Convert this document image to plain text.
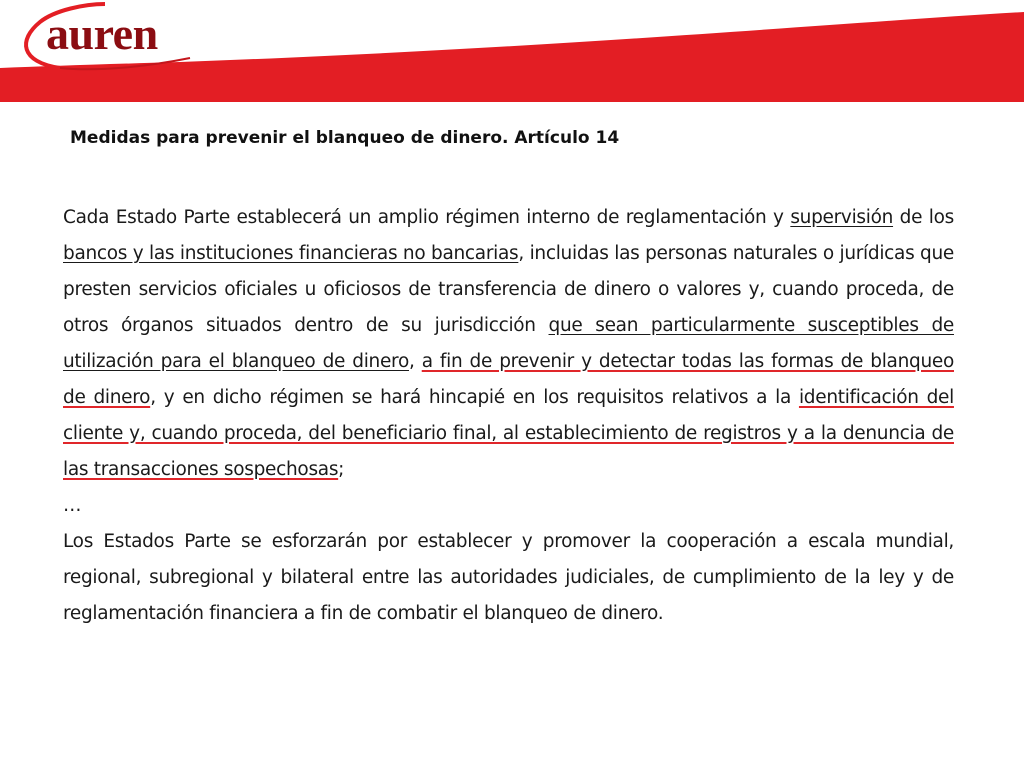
auren
Medidas para prevenir el blanqueo de dinero. Artículo 14

Cada Estado Parte establecerá un amplio régimen interno de reglamentación y supervisión de los bancos y las instituciones financieras no bancarias, incluidas las personas naturales o jurídicas que presten servicios oficiales u oficiosos de transferencia de dinero o valores y, cuando proceda, de otros órganos situados dentro de su jurisdicción que sean particularmente susceptibles de utilización para el blanqueo de dinero, a fin de prevenir y detectar todas las formas de blanqueo de dinero, y en dicho régimen se hará hincapié en los requisitos relativos a la identificación del cliente y, cuando proceda, del beneficiario final, al establecimiento de registros y a la denuncia de las transacciones sospechosas;

…

Los Estados Parte se esforzarán por establecer y promover la cooperación a escala mundial, regional, subregional y bilateral entre las autoridades judiciales, de cumplimiento de la ley y de reglamentación financiera a fin de combatir el blanqueo de dinero.
